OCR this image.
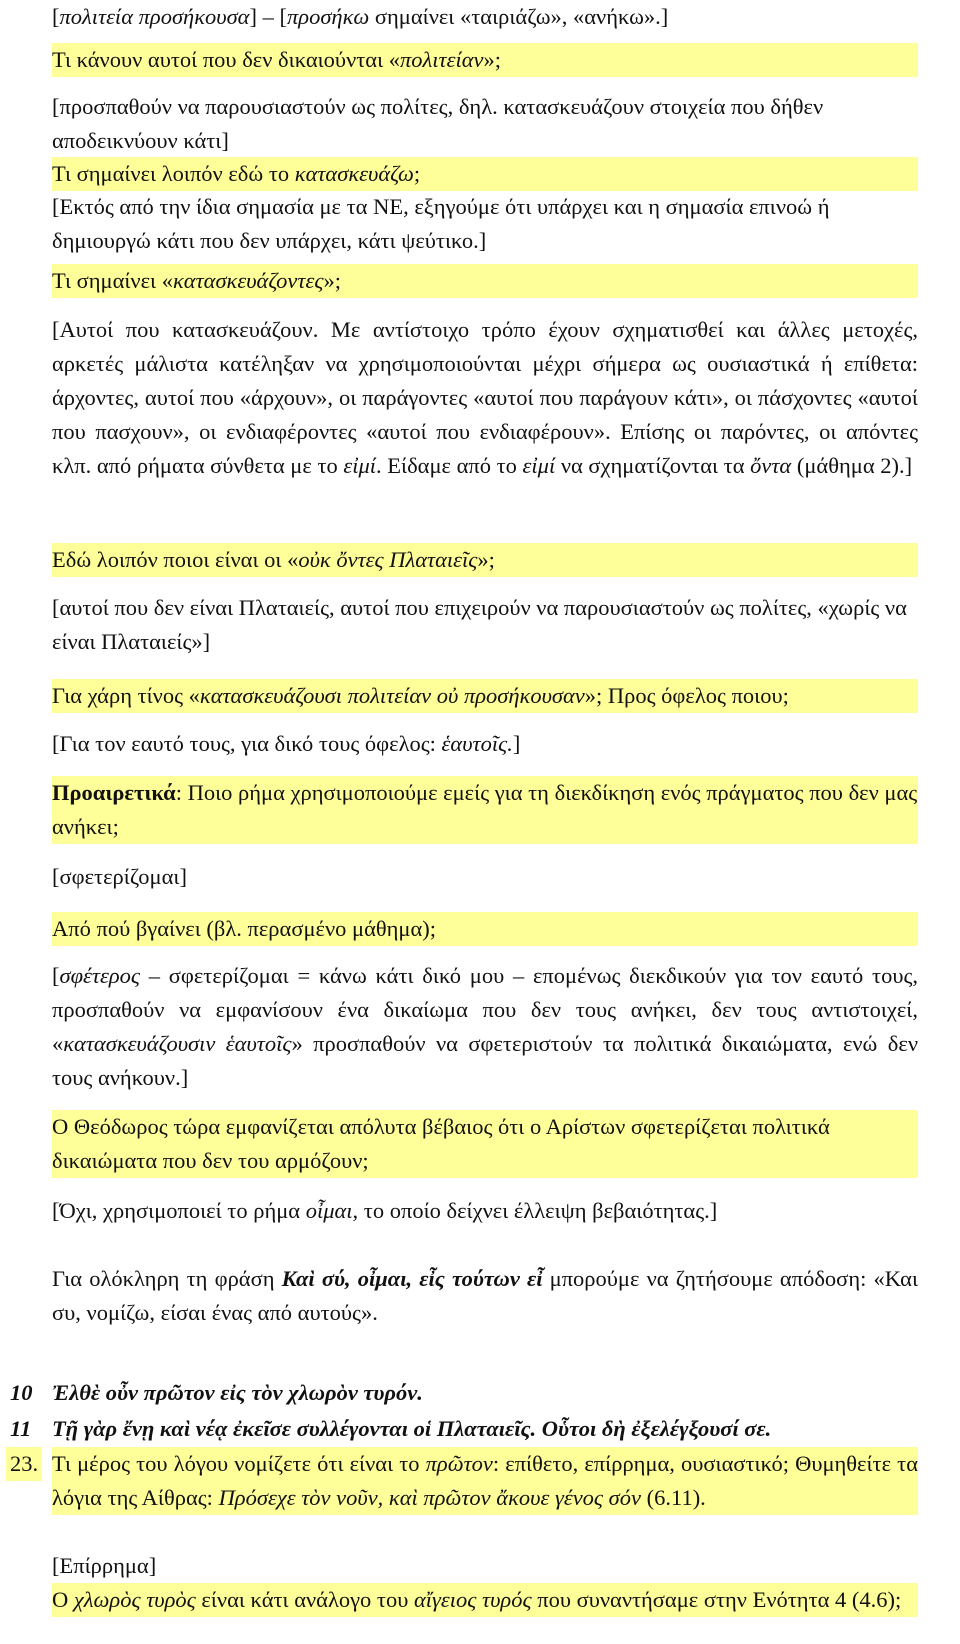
[πολιτεία προσήκουσα] – [προσήκω σημαίνει «ταιριάζω», «ανήκω».]

Τι κάνουν αυτοί που δεν δικαιούνται «πολιτείαν»;

[προσπαθούν να παρουσιαστούν ως πολίτες, δηλ. κατασκευάζουν στοιχεία που δήθεν αποδεικνύουν κάτι]

Τι σημαίνει λοιπόν εδώ το κατασκευάζω;

[Εκτός από την ίδια σημασία με τα ΝΕ, εξηγούμε ότι υπάρχει και η σημασία επινοώ ή δημιουργώ κάτι που δεν υπάρχει, κάτι ψεύτικο.]

Τι σημαίνει «κατασκευάζοντες»;

[Αυτοί που κατασκευάζουν. Με αντίστοιχο τρόπο έχουν σχηματισθεί και άλλες μετοχές, αρκετές μάλιστα κατέληξαν να χρησιμοποιούνται μέχρι σήμερα ως ουσιαστικά ή επίθετα: άρχοντες, αυτοί που «άρχουν», οι παράγοντες «αυτοί που παράγουν κάτι», οι πάσχοντες «αυτοί που πασχουν», οι ενδιαφέροντες «αυτοί που ενδιαφέρουν». Επίσης οι παρόντες, οι απόντες κλπ. από ρήματα σύνθετα με το εἰμί. Είδαμε από το εἰμί να σχηματίζονται τα ὄντα (μάθημα 2).]

Εδώ λοιπόν ποιοι είναι οι «οὐκ ὄντες Πλαταιεῖς»;

[αυτοί που δεν είναι Πλαταιείς, αυτοί που επιχειρούν να παρουσιαστούν ως πολίτες, «χωρίς να είναι Πλαταιείς»]

Για χάρη τίνος «κατασκευάζουσι πολιτείαν οὐ προσήκουσαν»; Προς όφελος ποιου;

[Για τον εαυτό τους, για δικό τους όφελος: ἑαυτοῖς.]

Προαιρετικά: Ποιο ρήμα χρησιμοποιούμε εμείς για τη διεκδίκηση ενός πράγματος που δεν μας ανήκει;

[σφετερίζομαι]

Από πού βγαίνει (βλ. περασμένο μάθημα);

[σφέτερος – σφετερίζομαι = κάνω κάτι δικό μου – επομένως διεκδικούν για τον εαυτό τους, προσπαθούν να εμφανίσουν ένα δικαίωμα που δεν τους ανήκει, δεν τους αντιστοιχεί, «κατασκευάζουσιν ἑαυτοῖς» προσπαθούν να σφετεριστούν τα πολιτικά δικαιώματα, ενώ δεν τους ανήκουν.]

Ο Θεόδωρος τώρα εμφανίζεται απόλυτα βέβαιος ότι ο Αρίστων σφετερίζεται πολιτικά δικαιώματα που δεν του αρμόζουν;

[Όχι, χρησιμοποιεί το ρήμα οἶμαι, το οποίο δείχνει έλλειψη βεβαιότητας.]

Για ολόκληρη τη φράση Καὶ σύ, οἶμαι, εἶς τούτων εἶ μπορούμε να ζητήσουμε απόδοση: «Και συ, νομίζω, είσαι ένας από αυτούς».

10 Ἐλθὲ οὖν πρῶτον εἰς τὸν χλωρὸν τυρόν.
11 Τῇ γὰρ ἔνῃ καὶ νέᾳ ἐκεῖσε συλλέγονται οἱ Πλαταιεῖς. Οὗτοι δὴ ἐξελέγξουσί σε.
23. Τι μέρος του λόγου νομίζετε ότι είναι το πρῶτον: επίθετο, επίρρημα, ουσιαστικό; Θυμηθείτε τα λόγια της Αίθρας: Πρόσεχε τὸν νοῦν, καὶ πρῶτον ἄκουε γένος σόν (6.11).

[Επίρρημα]

Ο χλωρὸς τυρὸς είναι κάτι ανάλογο του αἴγειος τυρός που συναντήσαμε στην Ενότητα 4 (4.6);
